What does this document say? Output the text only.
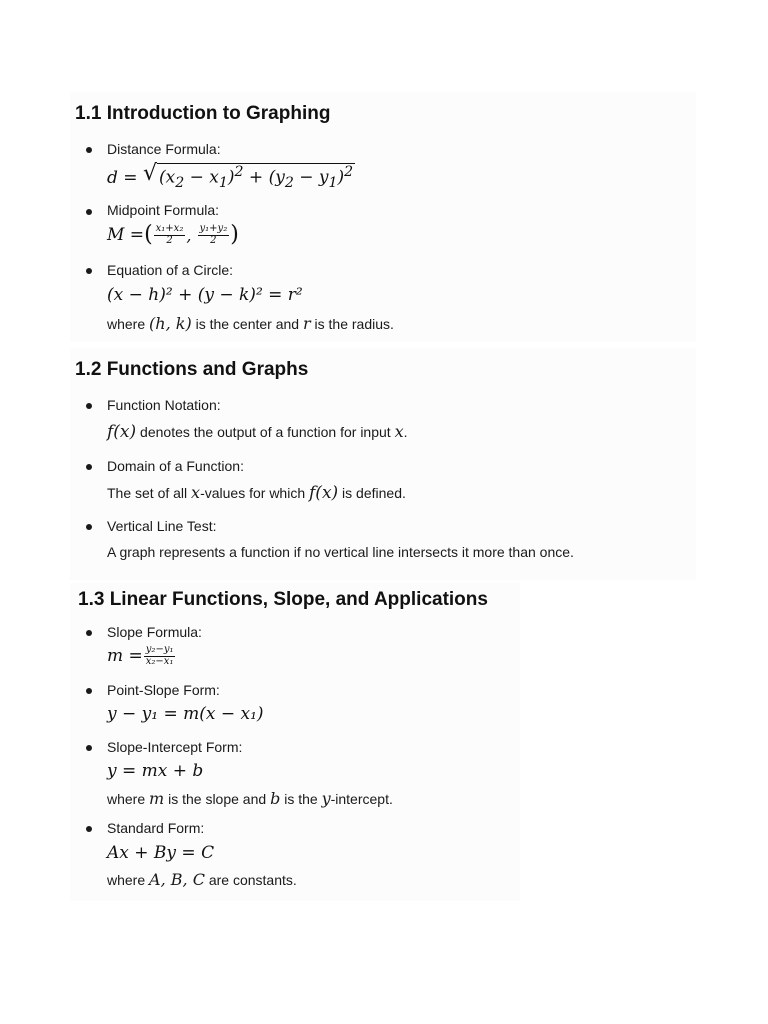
1.1 Introduction to Graphing
Distance Formula:
d = √ $(x_2 - x_1)^2 + (y_2 - y_1)^2$
Midpoint Formula:
M = ( $\frac{\text{x₁+x₂}}{2}$ , $\frac{\text{y₁+y₂}}{2}$ )
Equation of a Circle:
(x − h)² + (y − k)² = r²
where (h, k) is the center and r is the radius.
1.2 Functions and Graphs
Function Notation:
f(x) denotes the output of a function for input x.
Domain of a Function:
The set of all x-values for which f(x) is defined.
Vertical Line Test:
A graph represents a function if no vertical line intersects it more than once.
1.3 Linear Functions, Slope, and Applications
Slope Formula:
$m = \frac{\text{y₂−y₁}}{\text{x₂−x₁}}$
Point-Slope Form:
y − y₁ = m(x − x₁)
Slope-Intercept Form:
y = mx + b
where m is the slope and b is the y-intercept.
Standard Form:
Ax + By = C
where A, B, C are constants.
